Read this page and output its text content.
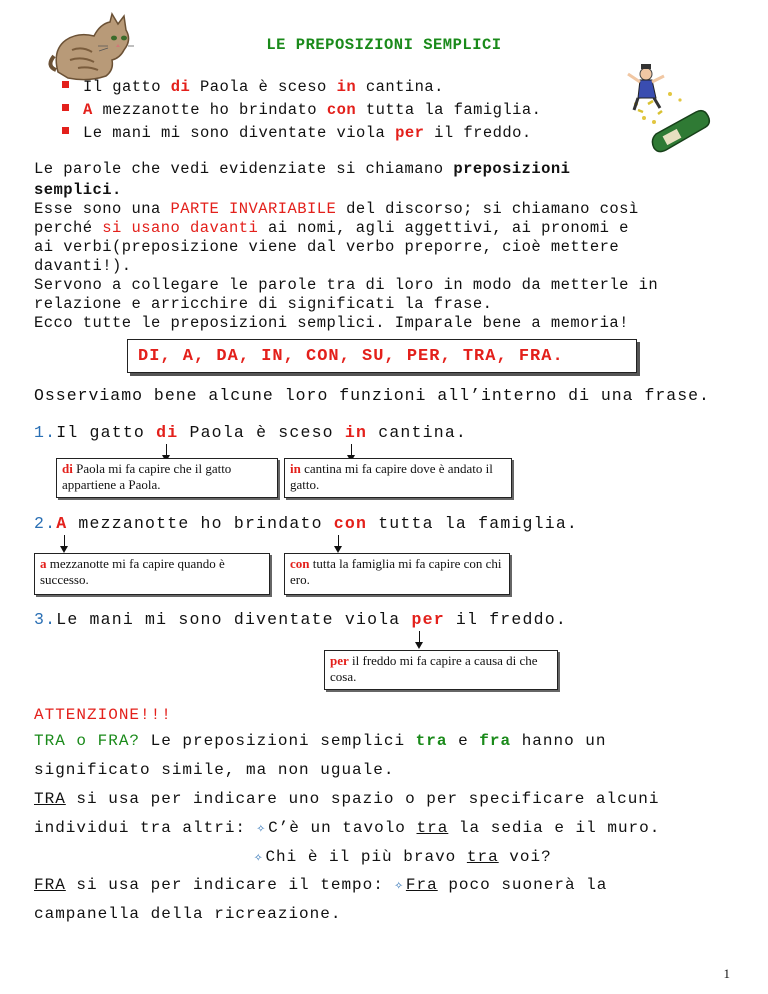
LE PREPOSIZIONI SEMPLICI
Il gatto di Paola è sceso in cantina.
A mezzanotte ho brindato con tutta la famiglia.
Le mani mi sono diventate viola per il freddo.
Le parole che vedi evidenziate si chiamano preposizioni
semplici.
Esse sono una PARTE INVARIABILE del discorso; si chiamano così
perché si usano davanti ai nomi, agli aggettivi, ai pronomi e
ai verbi(preposizione viene dal verbo preporre, cioè mettere
davanti!).
Servono a collegare le parole tra di loro in modo da metterle in
relazione e arricchire di significati la frase.
Ecco tutte le preposizioni semplici. Imparale bene a memoria!
DI, A, DA, IN, CON, SU, PER, TRA, FRA.
Osserviamo bene alcune loro funzioni all’interno di una frase.
1.Il gatto di Paola è sceso in cantina.
di Paola mi fa capire che il gatto appartiene a Paola.
in cantina mi fa capire dove è andato il gatto.
2.A mezzanotte ho brindato con tutta la famiglia.
a mezzanotte mi fa capire quando è successo.
con tutta la famiglia mi fa capire con chi ero.
3.Le mani mi sono diventate viola per il freddo.
per il freddo mi fa capire a causa di che cosa.
ATTENZIONE!!!
TRA o FRA? Le preposizioni semplici tra e fra hanno un
significato simile, ma non uguale.
TRA si usa per indicare uno spazio o per specificare alcuni
individui tra altri: ✧ C’è un tavolo tra la sedia e il muro.
✧ Chi è il più bravo tra voi?
FRA si usa per indicare il tempo: ✧ Fra poco suonerà la
campanella della ricreazione.
1
